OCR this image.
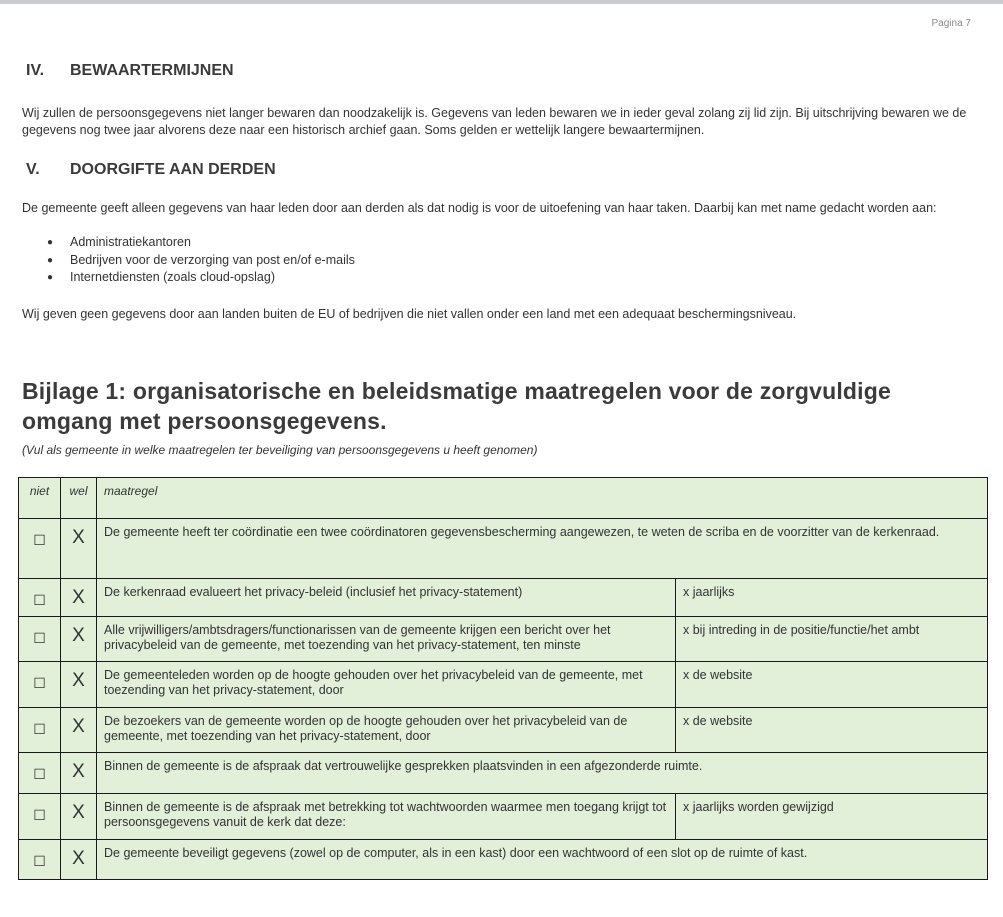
Pagina 7
IV. BEWAARTERMIJNEN
Wij zullen de persoonsgegevens niet langer bewaren dan noodzakelijk is. Gegevens van leden bewaren we in ieder geval zolang zij lid zijn. Bij uitschrijving bewaren we de gegevens nog twee jaar alvorens deze naar een historisch archief gaan. Soms gelden er wettelijk langere bewaartermijnen.
V. DOORGIFTE AAN DERDEN
De gemeente geeft alleen gegevens van haar leden door aan derden als dat nodig is voor de uitoefening van haar taken. Daarbij kan met name gedacht worden aan:
● Administratiekantoren
● Bedrijven voor de verzorging van post en/of e-mails
● Internetdiensten (zoals cloud-opslag)
Wij geven geen gegevens door aan landen buiten de EU of bedrijven die niet vallen onder een land met een adequaat beschermingsniveau.
Bijlage 1: organisatorische en beleidsmatige maatregelen voor de zorgvuldige omgang met persoonsgegevens.
(Vul als gemeente in welke maatregelen ter beveiliging van persoonsgegevens u heeft genomen)
niet	wel	maatregel	
☐	X	De gemeente heeft ter coördinatie een twee coördinatoren gegevensbescherming aangewezen, te weten de scriba en de voorzitter van de kerkenraad.	
☐	X	De kerkenraad evalueert het privacy-beleid (inclusief het privacy-statement)	x jaarlijks
☐	X	Alle vrijwilligers/ambtsdragers/functionarissen van de gemeente krijgen een bericht over het privacybeleid van de gemeente, met toezending van het privacy-statement, ten minste	x bij intreding in de positie/functie/het ambt
☐	X	De gemeenteleden worden op de hoogte gehouden over het privacybeleid van de gemeente, met toezending van het privacy-statement, door	x de website
☐	X	De bezoekers van de gemeente worden op de hoogte gehouden over het privacybeleid van de gemeente, met toezending van het privacy-statement, door	x de website
☐	X	Binnen de gemeente is de afspraak dat vertrouwelijke gesprekken plaatsvinden in een afgezonderde ruimte.	
☐	X	Binnen de gemeente is de afspraak met betrekking tot wachtwoorden waarmee men toegang krijgt tot persoonsgegevens vanuit de kerk dat deze:	x jaarlijks worden gewijzigd
☐	X	De gemeente beveiligt gegevens (zowel op de computer, als in een kast) door een wachtwoord of een slot op de ruimte of kast.	
